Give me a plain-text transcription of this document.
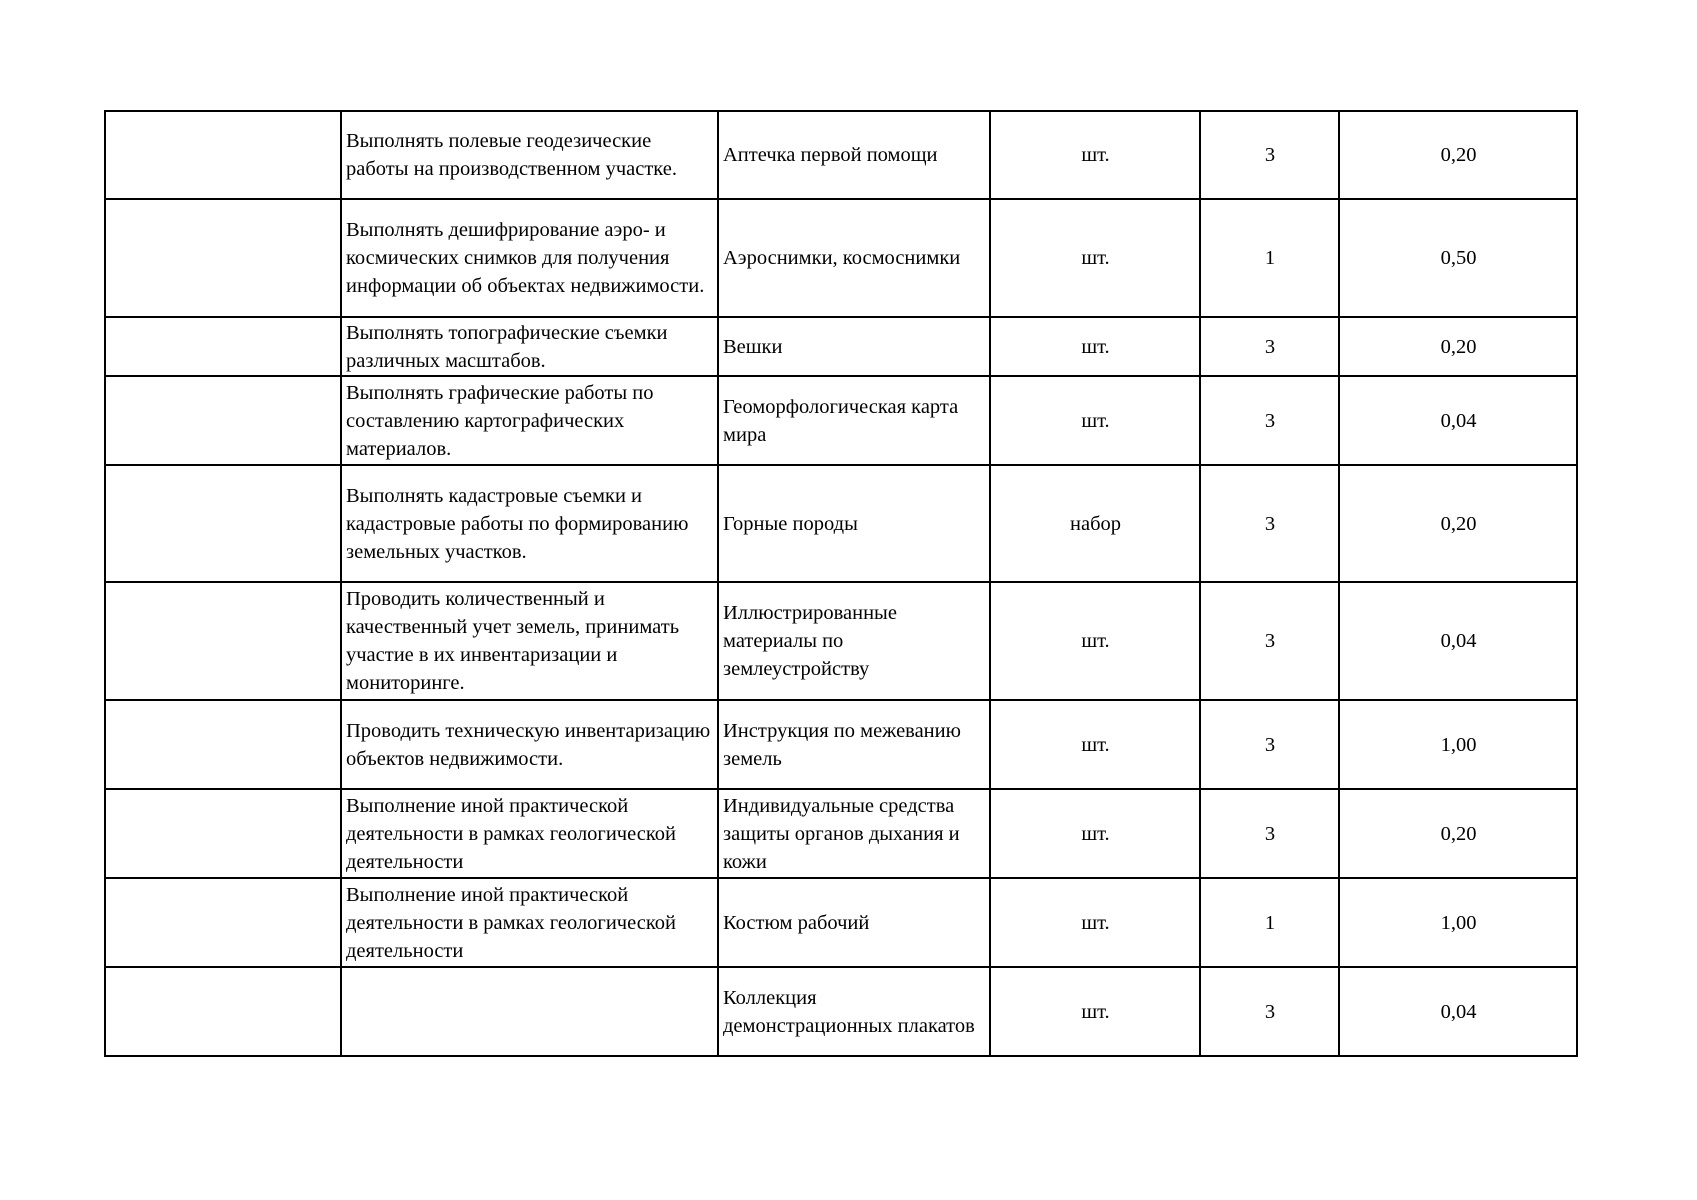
	Выполнять полевые геодезические работы на производственном участке.	Аптечка первой помощи	шт.	3	0,20
	Выполнять дешифрирование аэро- и космических снимков для получения информации об объектах недвижимости.	Аэроснимки, космоснимки	шт.	1	0,50
	Выполнять топографические съемки различных масштабов.	Вешки	шт.	3	0,20
	Выполнять графические работы по составлению картографических материалов.	Геоморфологическая карта мира	шт.	3	0,04
	Выполнять кадастровые съемки и кадастровые работы по формированию земельных участков.	Горные породы	набор	3	0,20
	Проводить количественный и качественный учет земель, принимать участие в их инвентаризации и мониторинге.	Иллюстрированные материалы по землеустройству	шт.	3	0,04
	Проводить техническую инвентаризацию объектов недвижимости.	Инструкция по межеванию земель	шт.	3	1,00
	Выполнение иной практической деятельности в рамках геологической деятельности	Индивидуальные средства защиты органов дыхания и кожи	шт.	3	0,20
	Выполнение иной практической деятельности в рамках геологической деятельности	Костюм рабочий	шт.	1	1,00
		Коллекция демонстрационных плакатов	шт.	3	0,04
